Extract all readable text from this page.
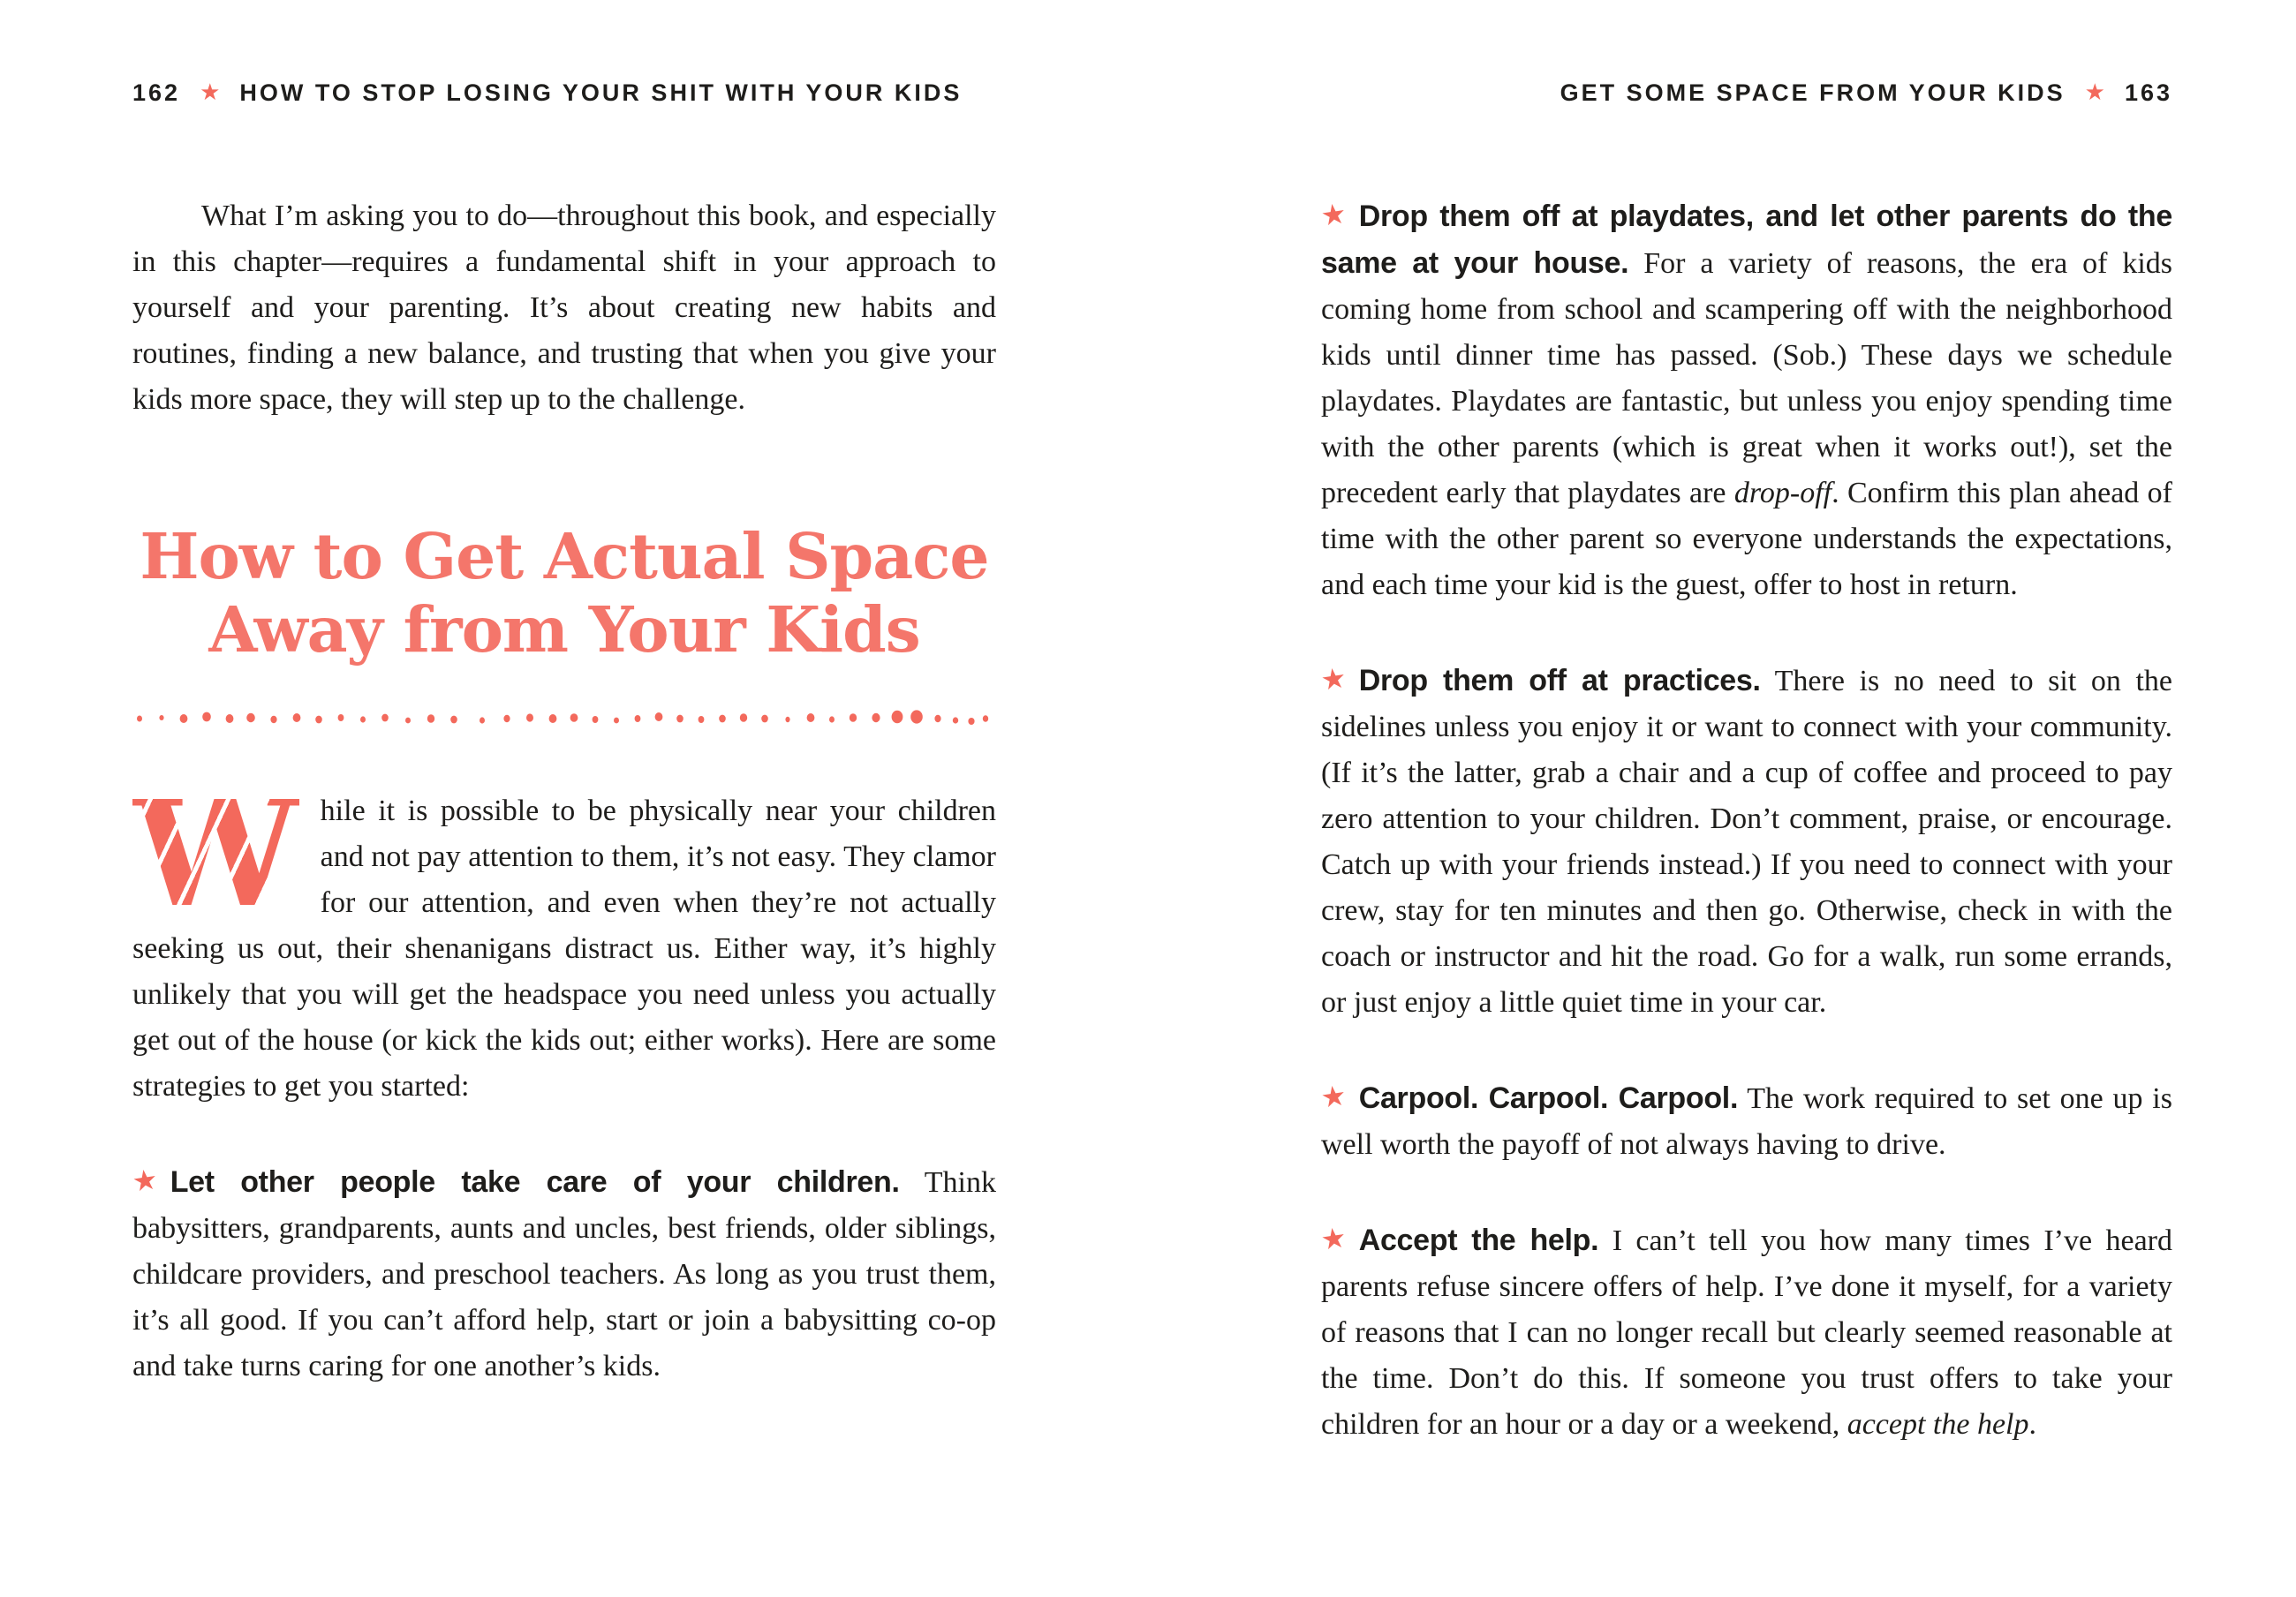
162 ★ HOW TO STOP LOSING YOUR SHIT WITH YOUR KIDS

What I’m asking you to do—throughout this book, and especially in this chapter—requires a fundamental shift in your approach to yourself and your parenting. It’s about creating new habits and routines, finding a new balance, and trusting that when you give your kids more space, they will step up to the challenge.

How to Get Actual Space
Away from Your Kids

W hile it is possible to be physically near your children and not pay attention to them, it’s not easy. They clamor for our attention, and even when they’re not actually seeking us out, their shenanigans distract us. Either way, it’s highly unlikely that you will get the headspace you need unless you actually get out of the house (or kick the kids out; either works). Here are some strategies to get you started:

★ Let other people take care of your children. Think babysitters, grandparents, aunts and uncles, best friends, older siblings, childcare providers, and preschool teachers. As long as you trust them, it’s all good. If you can’t afford help, start or join a babysitting co-op and take turns caring for one another’s kids.

GET SOME SPACE FROM YOUR KIDS ★ 163

★ Drop them off at playdates, and let other parents do the same at your house. For a variety of reasons, the era of kids coming home from school and scampering off with the neighborhood kids until dinner time has passed. (Sob.) These days we schedule playdates. Playdates are fantastic, but unless you enjoy spending time with the other parents (which is great when it works out!), set the precedent early that playdates are drop-off. Confirm this plan ahead of time with the other parent so everyone understands the expectations, and each time your kid is the guest, offer to host in return.

★ Drop them off at practices. There is no need to sit on the sidelines unless you enjoy it or want to connect with your community. (If it’s the latter, grab a chair and a cup of coffee and proceed to pay zero attention to your children. Don’t comment, praise, or encourage. Catch up with your friends instead.) If you need to connect with your crew, stay for ten minutes and then go. Otherwise, check in with the coach or instructor and hit the road. Go for a walk, run some errands, or just enjoy a little quiet time in your car.

★ Carpool. Carpool. Carpool. The work required to set one up is well worth the payoff of not always having to drive.

★ Accept the help. I can’t tell you how many times I’ve heard parents refuse sincere offers of help. I’ve done it myself, for a variety of reasons that I can no longer recall but clearly seemed reasonable at the time. Don’t do this. If someone you trust offers to take your children for an hour or a day or a weekend, accept the help.
